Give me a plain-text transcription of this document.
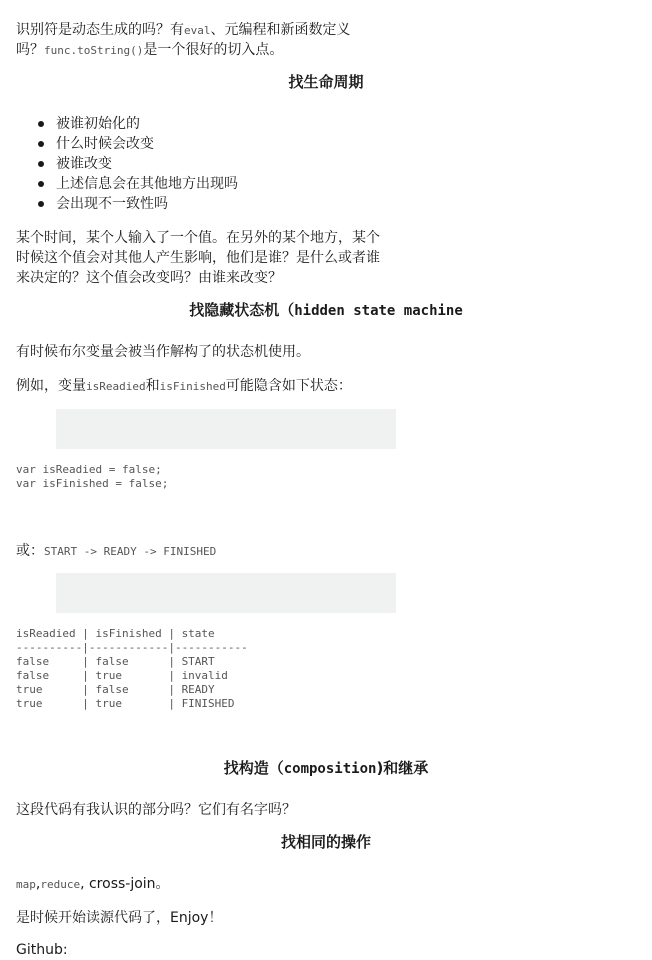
识别符是动态生成的吗？有eval、元编程和新函数定义

吗？func.toString()是一个很好的切入点。

找生命周期
被谁初始化的
什么时候会改变
被谁改变
上述信息会在其他地方出现吗
会出现不一致性吗

某个时间，某个人输入了一个值。在另外的某个地方，某个

时候这个值会对其他人产生影响，他们是谁？是什么或者谁

来决定的？这个值会改变吗？由谁来改变？

找隐藏状态机（hidden state machine

有时候布尔变量会被当作解构了的状态机使用。

例如，变量isReadied和isFinished可能隐含如下状态：

var isReadied = false;
var isFinished = false;

或：START -> READY -> FINISHED

isReadied | isFinished | state
----------|------------|-----------
false     | false      | START
false     | true       | invalid
true      | false      | READY
true      | true       | FINISHED
找构造（composition)和继承

这段代码有我认识的部分吗？它们有名字吗？

找相同的操作

map,reduce, cross-join。

是时候开始读源代码了，Enjoy！

Github:
